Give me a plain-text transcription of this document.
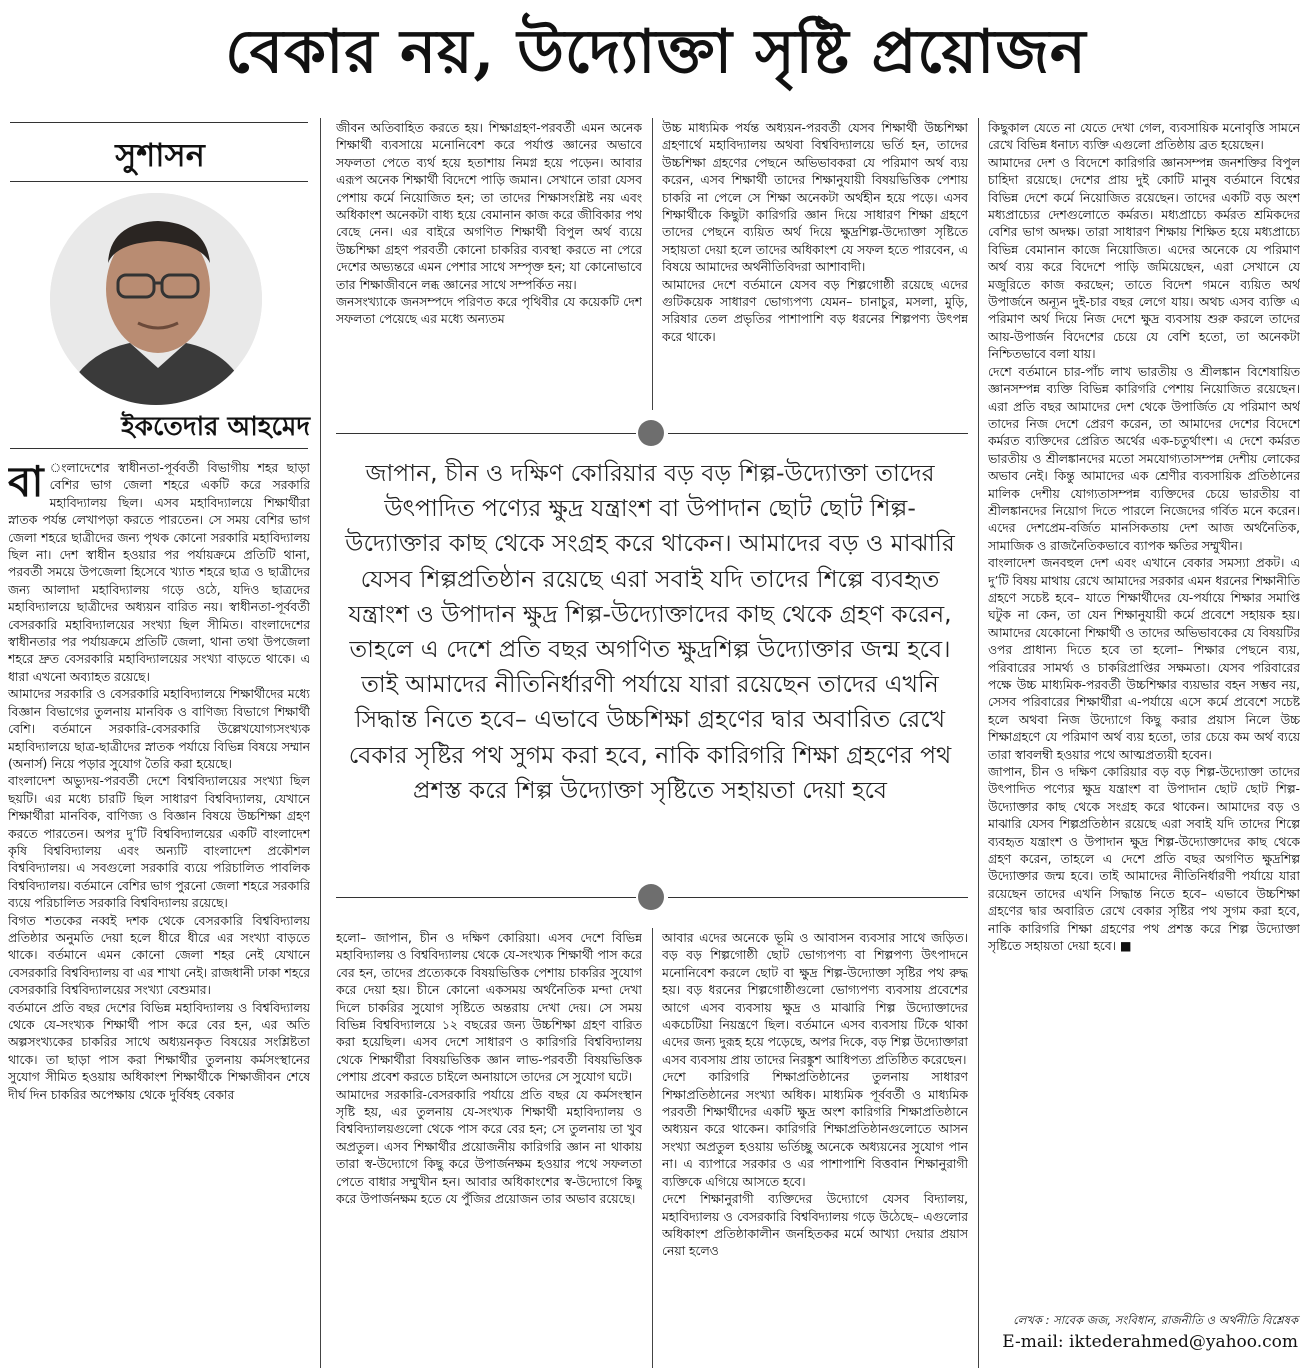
বেকার নয়, উদ্যোক্তা সৃষ্টি প্রয়োজন
সুশাসন
ইকতেদার আহমেদ
বা ংলাদেশের স্বাধীনতা-পূর্ববর্তী বিভাগীয় শহর ছাড়া বেশির ভাগ জেলা শহরে একটি করে সরকারি মহাবিদ্যালয় ছিল। এসব মহাবিদ্যালয়ে শিক্ষার্থীরা স্নাতক পর্যন্ত লেখাপড়া করতে পারতেন। সে সময় বেশির ভাগ জেলা শহরে ছাত্রীদের জন্য পৃথক কোনো সরকারি মহাবিদ্যালয় ছিল না। দেশ স্বাধীন হওয়ার পর পর্যায়ক্রমে প্রতিটি থানা, পরবর্তী সময়ে উপজেলা হিসেবে খ্যাত শহরে ছাত্র ও ছাত্রীদের জন্য আলাদা মহাবিদ্যালয় গড়ে ওঠে, যদিও ছাত্রদের মহাবিদ্যালয়ে ছাত্রীদের অধ্যয়ন বারিত নয়। স্বাধীনতা-পূর্ববর্তী বেসরকারি মহাবিদ্যালয়ের সংখ্যা ছিল সীমিত। বাংলাদেশের স্বাধীনতার পর পর্যায়ক্রমে প্রতিটি জেলা, থানা তথা উপজেলা শহরে দ্রুত বেসরকারি মহাবিদ্যালয়ের সংখ্যা বাড়তে থাকে। এ ধারা এখনো অব্যাহত রয়েছে।
আমাদের সরকারি ও বেসরকারি মহাবিদ্যালয়ে শিক্ষার্থীদের মধ্যে বিজ্ঞান বিভাগের তুলনায় মানবিক ও বাণিজ্য বিভাগে শিক্ষার্থী বেশি। বর্তমানে সরকারি-বেসরকারি উল্লেখযোগ্যসংখ্যক মহাবিদ্যালয়ে ছাত্র-ছাত্রীদের স্নাতক পর্যায়ে বিভিন্ন বিষয়ে সম্মান (অনার্স) নিয়ে পড়ার সুযোগ তৈরি করা হয়েছে।
বাংলাদেশ অভ্যুদয়-পরবর্তী দেশে বিশ্ববিদ্যালয়ের সংখ্যা ছিল ছয়টি। এর মধ্যে চারটি ছিল সাধারণ বিশ্ববিদ্যালয়, যেখানে শিক্ষার্থীরা মানবিক, বাণিজ্য ও বিজ্ঞান বিষয়ে উচ্চশিক্ষা গ্রহণ করতে পারতেন। অপর দু’টি বিশ্ববিদ্যালয়ের একটি বাংলাদেশ কৃষি বিশ্ববিদ্যালয় এবং অন্যটি বাংলাদেশ প্রকৌশল বিশ্ববিদ্যালয়। এ সবগুলো সরকারি ব্যয়ে পরিচালিত পাবলিক বিশ্ববিদ্যালয়। বর্তমানে বেশির ভাগ পুরনো জেলা শহরে সরকারি ব্যয়ে পরিচালিত সরকারি বিশ্ববিদ্যালয় রয়েছে।
বিগত শতকের নব্বই দশক থেকে বেসরকারি বিশ্ববিদ্যালয় প্রতিষ্ঠার অনুমতি দেয়া হলে ধীরে ধীরে এর সংখ্যা বাড়তে থাকে। বর্তমানে এমন কোনো জেলা শহর নেই যেখানে বেসরকারি বিশ্ববিদ্যালয় বা এর শাখা নেই। রাজধানী ঢাকা শহরে বেসরকারি বিশ্ববিদ্যালয়ের সংখ্যা বেশুমার।
বর্তমানে প্রতি বছর দেশের বিভিন্ন মহাবিদ্যালয় ও বিশ্ববিদ্যালয় থেকে যে-সংখ্যক শিক্ষার্থী পাস করে বের হন, এর অতি অল্পসংখ্যকের চাকরির সাথে অধ্যয়নকৃত বিষয়ের সংশ্লিষ্টতা থাকে। তা ছাড়া পাস করা শিক্ষার্থীর তুলনায় কর্মসংস্থানের সুযোগ সীমিত হওয়ায় অধিকাংশ শিক্ষার্থীকে শিক্ষাজীবন শেষে দীর্ঘ দিন চাকরির অপেক্ষায় থেকে দুর্বিষহ বেকার

জীবন অতিবাহিত করতে হয়। শিক্ষাগ্রহণ-পরবর্তী এমন অনেক শিক্ষার্থী ব্যবসায়ে মনোনিবেশ করে পর্যাপ্ত জ্ঞানের অভাবে সফলতা পেতে ব্যর্থ হয়ে হতাশায় নিমগ্ন হয়ে পড়েন। আবার এরূপ অনেক শিক্ষার্থী বিদেশে পাড়ি জমান। সেখানে তারা যেসব পেশায় কর্মে নিয়োজিত হন; তা তাদের শিক্ষাসংশ্লিষ্ট নয় এবং অধিকাংশ অনেকটা বাধ্য হয়ে বেমানান কাজ করে জীবিকার পথ বেছে নেন। এর বাইরে অগণিত শিক্ষার্থী বিপুল অর্থ ব্যয়ে উচ্চশিক্ষা গ্রহণ পরবর্তী কোনো চাকরির ব্যবস্থা করতে না পেরে দেশের অভ্যন্তরে এমন পেশার সাথে সম্পৃক্ত হন; যা কোনোভাবে তার শিক্ষাজীবনে লব্ধ জ্ঞানের সাথে সম্পর্কিত নয়।
জনসংখ্যাকে জনসম্পদে পরিণত করে পৃথিবীর যে কয়েকটি দেশ সফলতা পেয়েছে এর মধ্যে অন্যতম

উচ্চ মাধ্যমিক পর্যন্ত অধ্যয়ন-পরবর্তী যেসব শিক্ষার্থী উচ্চশিক্ষা গ্রহণার্থে মহাবিদ্যালয় অথবা বিশ্ববিদ্যালয়ে ভর্তি হন, তাদের উচ্চশিক্ষা গ্রহণের পেছনে অভিভাবকরা যে পরিমাণ অর্থ ব্যয় করেন, এসব শিক্ষার্থী তাদের শিক্ষানুযায়ী বিষয়ভিত্তিক পেশায় চাকরি না পেলে সে শিক্ষা অনেকটা অর্থহীন হয়ে পড়ে। এসব শিক্ষার্থীকে কিছুটা কারিগরি জ্ঞান দিয়ে সাধারণ শিক্ষা গ্রহণে তাদের পেছনে ব্যয়িত অর্থ দিয়ে ক্ষুদ্রশিল্প-উদ্যোক্তা সৃষ্টিতে সহায়তা দেয়া হলে তাদের অধিকাংশ যে সফল হতে পারবেন, এ বিষয়ে আমাদের অর্থনীতিবিদরা আশাবাদী।
আমাদের দেশে বর্তমানে যেসব বড় শিল্পগোষ্ঠী রয়েছে এদের গুটিকয়েক সাধারণ ভোগ্যপণ্য যেমন– চানাচুর, মসলা, মুড়ি, সরিষার তেল প্রভৃতির পাশাপাশি বড় ধরনের শিল্পপণ্য উৎপন্ন করে থাকে।

জাপান, চীন ও দক্ষিণ কোরিয়ার বড় বড় শিল্প-উদ্যোক্তা তাদের উৎপাদিত পণ্যের ক্ষুদ্র যন্ত্রাংশ বা উপাদান ছোট ছোট শিল্প-উদ্যোক্তার কাছ থেকে সংগ্রহ করে থাকেন। আমাদের বড় ও মাঝারি যেসব শিল্পপ্রতিষ্ঠান রয়েছে এরা সবাই যদি তাদের শিল্পে ব্যবহৃত যন্ত্রাংশ ও উপাদান ক্ষুদ্র শিল্প-উদ্যোক্তাদের কাছ থেকে গ্রহণ করেন, তাহলে এ দেশে প্রতি বছর অগণিত ক্ষুদ্রশিল্প উদ্যোক্তার জন্ম হবে। তাই আমাদের নীতিনির্ধারণী পর্যায়ে যারা রয়েছেন তাদের এখনি সিদ্ধান্ত নিতে হবে– এভাবে উচ্চশিক্ষা গ্রহণের দ্বার অবারিত রেখে বেকার সৃষ্টির পথ সুগম করা হবে, নাকি কারিগরি শিক্ষা গ্রহণের পথ প্রশস্ত করে শিল্প উদ্যোক্তা সৃষ্টিতে সহায়তা দেয়া হবে

হলো– জাপান, চীন ও দক্ষিণ কোরিয়া। এসব দেশে বিভিন্ন মহাবিদ্যালয় ও বিশ্ববিদ্যালয় থেকে যে-সংখ্যক শিক্ষার্থী পাস করে বের হন, তাদের প্রত্যেককে বিষয়ভিত্তিক পেশায় চাকরির সুযোগ করে দেয়া হয়। চীনে কোনো একসময় অর্থনৈতিক মন্দা দেখা দিলে চাকরির সুযোগ সৃষ্টিতে অন্তরায় দেখা দেয়। সে সময় বিভিন্ন বিশ্ববিদ্যালয়ে ১২ বছরের জন্য উচ্চশিক্ষা গ্রহণ বারিত করা হয়েছিল। এসব দেশে সাধারণ ও কারিগরি বিশ্ববিদ্যালয় থেকে শিক্ষার্থীরা বিষয়ভিত্তিক জ্ঞান লাভ-পরবর্তী বিষয়ভিত্তিক পেশায় প্রবেশ করতে চাইলে অনায়াসে তাদের সে সুযোগ ঘটে।
আমাদের সরকারি-বেসরকারি পর্যায়ে প্রতি বছর যে কর্মসংস্থান সৃষ্টি হয়, এর তুলনায় যে-সংখ্যক শিক্ষার্থী মহাবিদ্যালয় ও বিশ্ববিদ্যালয়গুলো থেকে পাস করে বের হন; সে তুলনায় তা খুব অপ্রতুল। এসব শিক্ষার্থীর প্রয়োজনীয় কারিগরি জ্ঞান না থাকায় তারা স্ব-উদ্যোগে কিছু করে উপার্জনক্ষম হওয়ার পথে সফলতা পেতে বাধার সম্মুখীন হন। আবার অধিকাংশের স্ব-উদ্যোগে কিছু করে উপার্জনক্ষম হতে যে পুঁজির প্রয়োজন তার অভাব রয়েছে।

আবার এদের অনেকে ভূমি ও আবাসন ব্যবসার সাথে জড়িত। বড় বড় শিল্পগোষ্ঠী ছোট ভোগ্যপণ্য বা শিল্পপণ্য উৎপাদনে মনোনিবেশ করলে ছোট বা ক্ষুদ্র শিল্প-উদ্যোক্তা সৃষ্টির পথ রুদ্ধ হয়। বড় ধরনের শিল্পগোষ্ঠীগুলো ভোগ্যপণ্য ব্যবসায় প্রবেশের আগে এসব ব্যবসায় ক্ষুদ্র ও মাঝারি শিল্প উদ্যোক্তাদের একচেটিয়া নিয়ন্ত্রণে ছিল। বর্তমানে এসব ব্যবসায় টিকে থাকা এদের জন্য দুরূহ হয়ে পড়েছে, অপর দিকে, বড় শিল্প উদ্যোক্তারা এসব ব্যবসায় প্রায় তাদের নিরঙ্কুশ আধিপত্য প্রতিষ্ঠিত করেছেন।
দেশে কারিগরি শিক্ষাপ্রতিষ্ঠানের তুলনায় সাধারণ শিক্ষাপ্রতিষ্ঠানের সংখ্যা অধিক। মাধ্যমিক পূর্ববর্তী ও মাধ্যমিক পরবর্তী শিক্ষার্থীদের একটি ক্ষুদ্র অংশ কারিগরি শিক্ষাপ্রতিষ্ঠানে অধ্যয়ন করে থাকেন। কারিগরি শিক্ষাপ্রতিষ্ঠানগুলোতে আসন সংখ্যা অপ্রতুল হওয়ায় ভর্তিচ্ছু অনেকে অধ্যয়নের সুযোগ পান না। এ ব্যাপারে সরকার ও এর পাশাপাশি বিত্তবান শিক্ষানুরাগী ব্যক্তিকে এগিয়ে আসতে হবে।
দেশে শিক্ষানুরাগী ব্যক্তিদের উদ্যোগে যেসব বিদ্যালয়, মহাবিদ্যালয় ও বেসরকারি বিশ্ববিদ্যালয় গড়ে উঠেছে– এগুলোর অধিকাংশ প্রতিষ্ঠাকালীন জনহিতকর মর্মে আখ্যা দেয়ার প্রয়াস নেয়া হলেও

কিছুকাল যেতে না যেতে দেখা গেল, ব্যবসায়িক মনোবৃত্তি সামনে রেখে বিভিন্ন ধনাঢ্য ব্যক্তি এগুলো প্রতিষ্ঠায় ব্রত হয়েছেন।
আমাদের দেশ ও বিদেশে কারিগরি জ্ঞানসম্পন্ন জনশক্তির বিপুল চাহিদা রয়েছে। দেশের প্রায় দুই কোটি মানুষ বর্তমানে বিশ্বের বিভিন্ন দেশে কর্মে নিয়োজিত রয়েছেন। তাদের একটি বড় অংশ মধ্যপ্রাচ্যের দেশগুলোতে কর্মরত। মধ্যপ্রাচ্যে কর্মরত শ্রমিকদের বেশির ভাগ অদক্ষ। তারা সাধারণ শিক্ষায় শিক্ষিত হয়ে মধ্যপ্রাচ্যে বিভিন্ন বেমানান কাজে নিয়োজিত। এদের অনেকে যে পরিমাণ অর্থ ব্যয় করে বিদেশে পাড়ি জমিয়েছেন, এরা সেখানে যে মজুরিতে কাজ করছেন; তাতে বিদেশ গমনে ব্যয়িত অর্থ উপার্জনে অন্যূন দুই-চার বছর লেগে যায়। অথচ এসব ব্যক্তি এ পরিমাণ অর্থ দিয়ে নিজ দেশে ক্ষুদ্র ব্যবসায় শুরু করলে তাদের আয়-উপার্জন বিদেশের চেয়ে যে বেশি হতো, তা অনেকটা নিশ্চিতভাবে বলা যায়।
দেশে বর্তমানে চার-পাঁচ লাখ ভারতীয় ও শ্রীলঙ্কান বিশেষায়িত জ্ঞানসম্পন্ন ব্যক্তি বিভিন্ন কারিগরি পেশায় নিয়োজিত রয়েছেন। এরা প্রতি বছর আমাদের দেশ থেকে উপার্জিত যে পরিমাণ অর্থ তাদের নিজ দেশে প্রেরণ করেন, তা আমাদের দেশের বিদেশে কর্মরত ব্যক্তিদের প্রেরিত অর্থের এক-চতুর্থাংশ। এ দেশে কর্মরত ভারতীয় ও শ্রীলঙ্কানদের মতো সমযোগ্যতাসম্পন্ন দেশীয় লোকের অভাব নেই। কিন্তু আমাদের এক শ্রেণীর ব্যবসায়িক প্রতিষ্ঠানের মালিক দেশীয় যোগ্যতাসম্পন্ন ব্যক্তিদের চেয়ে ভারতীয় বা শ্রীলঙ্কানদের নিয়োগ দিতে পারলে নিজেদের গর্বিত মনে করেন। এদের দেশপ্রেম-বর্জিত মানসিকতায় দেশ আজ অর্থনৈতিক, সামাজিক ও রাজনৈতিকভাবে ব্যাপক ক্ষতির সম্মুখীন।
বাংলাদেশ জনবহুল দেশ এবং এখানে বেকার সমস্যা প্রকট। এ দু’টি বিষয় মাথায় রেখে আমাদের সরকার এমন ধরনের শিক্ষানীতি গ্রহণে সচেষ্ট হবে– যাতে শিক্ষার্থীদের যে-পর্যায়ে শিক্ষার সমাপ্তি ঘটুক না কেন, তা যেন শিক্ষানুযায়ী কর্মে প্রবেশে সহায়ক হয়। আমাদের যেকোনো শিক্ষার্থী ও তাদের অভিভাবকের যে বিষয়টির ওপর প্রাধান্য দিতে হবে তা হলো– শিক্ষার পেছনে ব্যয়, পরিবারের সামর্থ্য ও চাকরিপ্রাপ্তির সক্ষমতা। যেসব পরিবারের পক্ষে উচ্চ মাধ্যমিক-পরবর্তী উচ্চশিক্ষার ব্যয়ভার বহন সম্ভব নয়, সেসব পরিবারের শিক্ষার্থীরা এ-পর্যায়ে এসে কর্মে প্রবেশে সচেষ্ট হলে অথবা নিজ উদ্যোগে কিছু করার প্রয়াস নিলে উচ্চ শিক্ষাগ্রহণে যে পরিমাণ অর্থ ব্যয় হতো, তার চেয়ে কম অর্থ ব্যয়ে তারা স্বাবলম্বী হওয়ার পথে আত্মপ্রত্যয়ী হবেন।
জাপান, চীন ও দক্ষিণ কোরিয়ার বড় বড় শিল্প-উদ্যোক্তা তাদের উৎপাদিত পণ্যের ক্ষুদ্র যন্ত্রাংশ বা উপাদান ছোট ছোট শিল্প-উদ্যোক্তার কাছ থেকে সংগ্রহ করে থাকেন। আমাদের বড় ও মাঝারি যেসব শিল্পপ্রতিষ্ঠান রয়েছে এরা সবাই যদি তাদের শিল্পে ব্যবহৃত যন্ত্রাংশ ও উপাদান ক্ষুদ্র শিল্প-উদ্যোক্তাদের কাছ থেকে গ্রহণ করেন, তাহলে এ দেশে প্রতি বছর অগণিত ক্ষুদ্রশিল্প উদ্যোক্তার জন্ম হবে। তাই আমাদের নীতিনির্ধারণী পর্যায়ে যারা রয়েছেন তাদের এখনি সিদ্ধান্ত নিতে হবে– এভাবে উচ্চশিক্ষা গ্রহণের দ্বার অবারিত রেখে বেকার সৃষ্টির পথ সুগম করা হবে, নাকি কারিগরি শিক্ষা গ্রহণের পথ প্রশস্ত করে শিল্প উদ্যোক্তা সৃষ্টিতে সহায়তা দেয়া হবে। ■

লেখক : সাবেক জজ, সংবিধান, রাজনীতি ও অর্থনীতি বিশ্লেষক
E-mail: iktederahmed@yahoo.com
